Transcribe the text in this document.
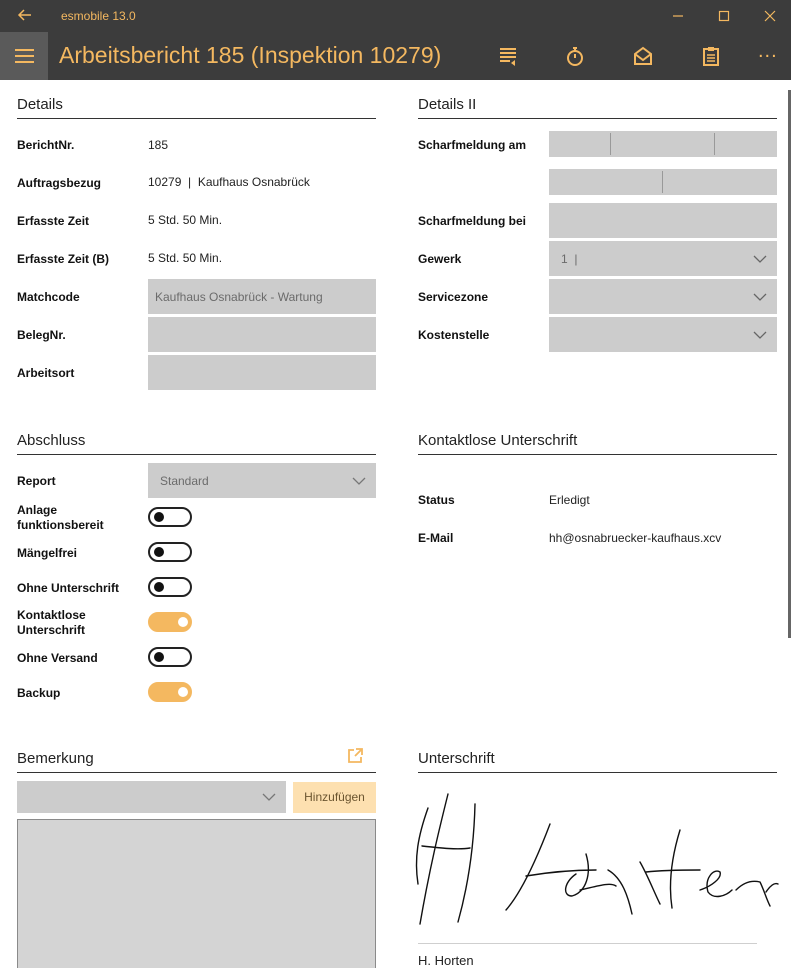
esmobile 13.0
Arbeitsbericht 185 (Inspektion 10279)	...
Details
BerichtNr.	185
Auftragsbezug	10279  |  Kaufhaus Osnabrück
Erfasste Zeit	5 Std. 50 Min.
Erfasste Zeit (B)	5 Std. 50 Min.
Matchcode	Kaufhaus Osnabrück - Wartung
BelegNr.
Arbeitsort
Details II
Scharfmeldung am
Scharfmeldung bei
Gewerk	1  |
Servicezone
Kostenstelle
Abschluss
Report	Standard
Anlage funktionsbereit
Mängelfrei
Ohne Unterschrift
Kontaktlose Unterschrift
Ohne Versand
Backup
Kontaktlose Unterschrift
Status	Erledigt
E-Mail	hh@osnabruecker-kaufhaus.xcv
Bemerkung
Hinzufügen
Unterschrift
H. Horten
